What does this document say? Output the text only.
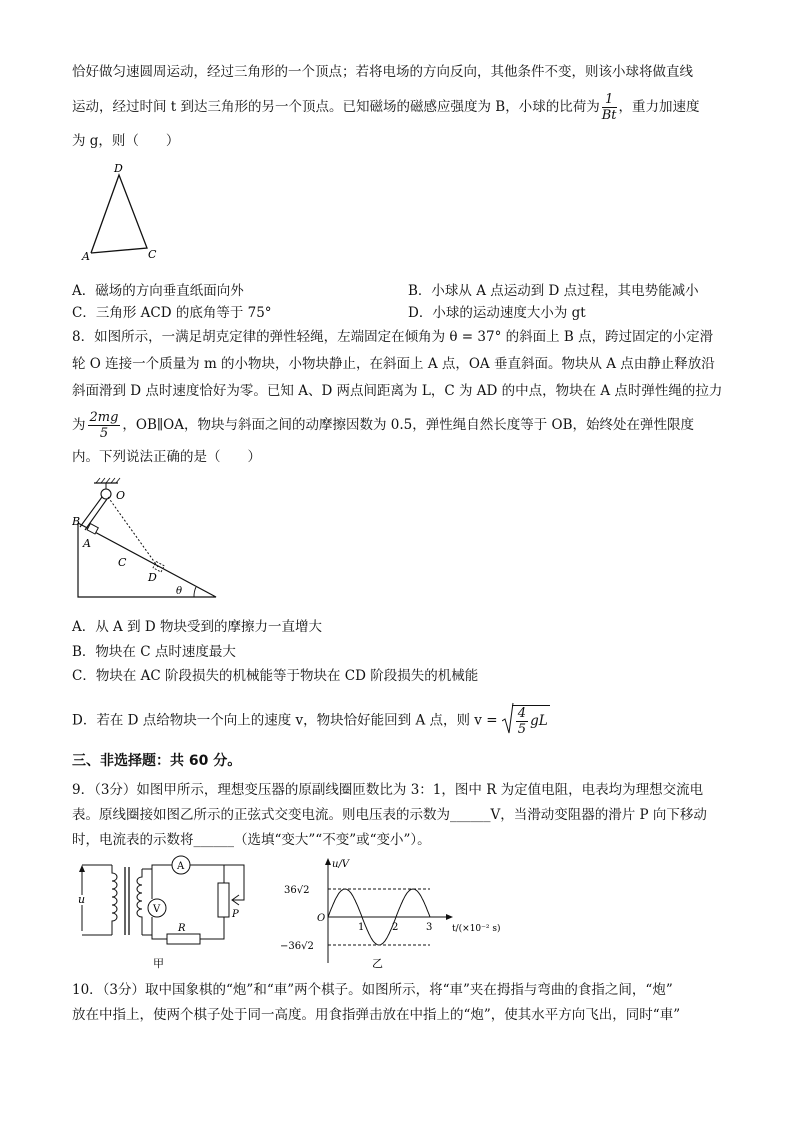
恰好做匀速圆周运动，经过三角形的一个顶点；若将电场的方向反向，其他条件不变，则该小球将做直线
运动，经过时间 t 到达三角形的另一个顶点。已知磁场的磁感应强度为 B，小球的比荷为 $\frac{1}{Bt}$ ，重力加速度
为 g，则（　　）
D
A	C
A．磁场的方向垂直纸面向外	B．小球从 A 点运动到 D 点过程，其电势能减小
C．三角形 ACD 的底角等于 75°	D．小球的运动速度大小为 gt
8．如图所示，一满足胡克定律的弹性轻绳，左端固定在倾角为 θ = 37° 的斜面上 B 点，跨过固定的小定滑
轮 O 连接一个质量为 m 的小物块，小物块静止，在斜面上 A 点，OA 垂直斜面。物块从 A 点由静止释放沿
斜面滑到 D 点时速度恰好为零。已知 A、D 两点间距离为 L，C 为 AD 的中点，物块在 A 点时弹性绳的拉力
为 $\frac{2mg}{5}$ ，OB∥OA，物块与斜面之间的动摩擦因数为 0.5，弹性绳自然长度等于 OB，始终处在弹性限度
内。下列说法正确的是（　　）
O
B
A
C
D
θ
A．从 A 到 D 物块受到的摩擦力一直增大
B．物块在 C 点时速度最大
C．物块在 AC 阶段损失的机械能等于物块在 CD 阶段损失的机械能
D．若在 D 点给物块一个向上的速度 v，物块恰好能回到 A 点，则 $v = \frac{4}{5}$ gL
三、非选择题：共 60 分。
9．（3分）如图甲所示，理想变压器的原副线圈匝数比为 3：1，图中 R 为定值电阻，电表均为理想交流电
表。原线圈接如图乙所示的正弦式交变电流。则电压表的示数为______V，当滑动变阻器的滑片 P 向下移动
时，电流表的示数将______（选填“变大”“不变”或“变小”）。
u
A
V
R
P
甲
u/V
36√2
−36√2
O
1	2	3 t/(×10⁻² s)
乙
10．（3分）取中国象棋的“炮”和“車”两个棋子。如图所示，将“車”夹在拇指与弯曲的食指之间，“炮”
放在中指上，使两个棋子处于同一高度。用食指弹击放在中指上的“炮”，使其水平方向飞出，同时“車”
